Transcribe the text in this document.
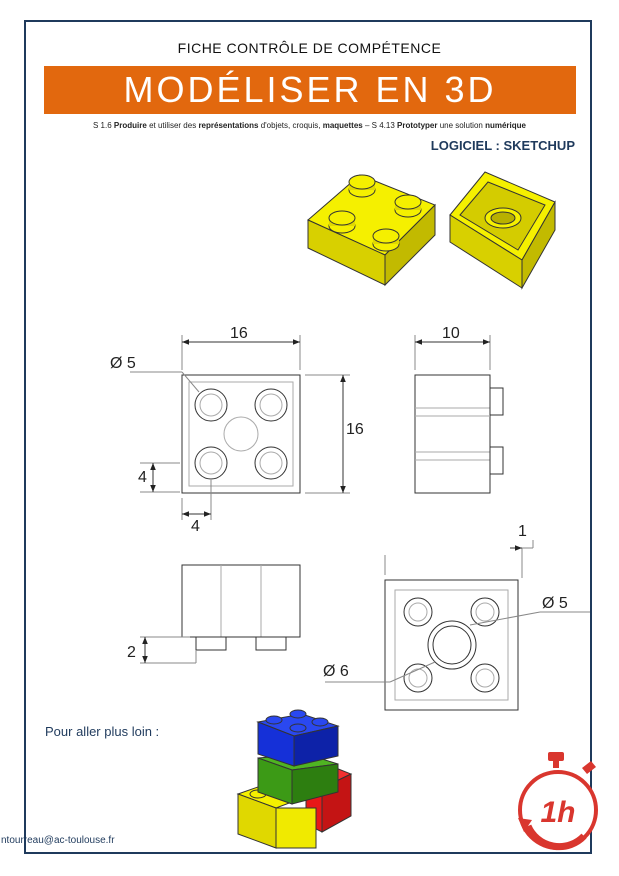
FICHE CONTRÔLE DE COMPÉTENCE
MODÉLISER EN 3D
S 1.6 Produire et utiliser des représentations d'objets, croquis, maquettes – S 4.13 Prototyper une solution numérique
LOGICIEL : SKETCHUP
16
16
Ø 5
4
4
10
2
1
Ø 5
Ø 6
Pour aller plus loin :
1h
ntourreau@ac-toulouse.fr
